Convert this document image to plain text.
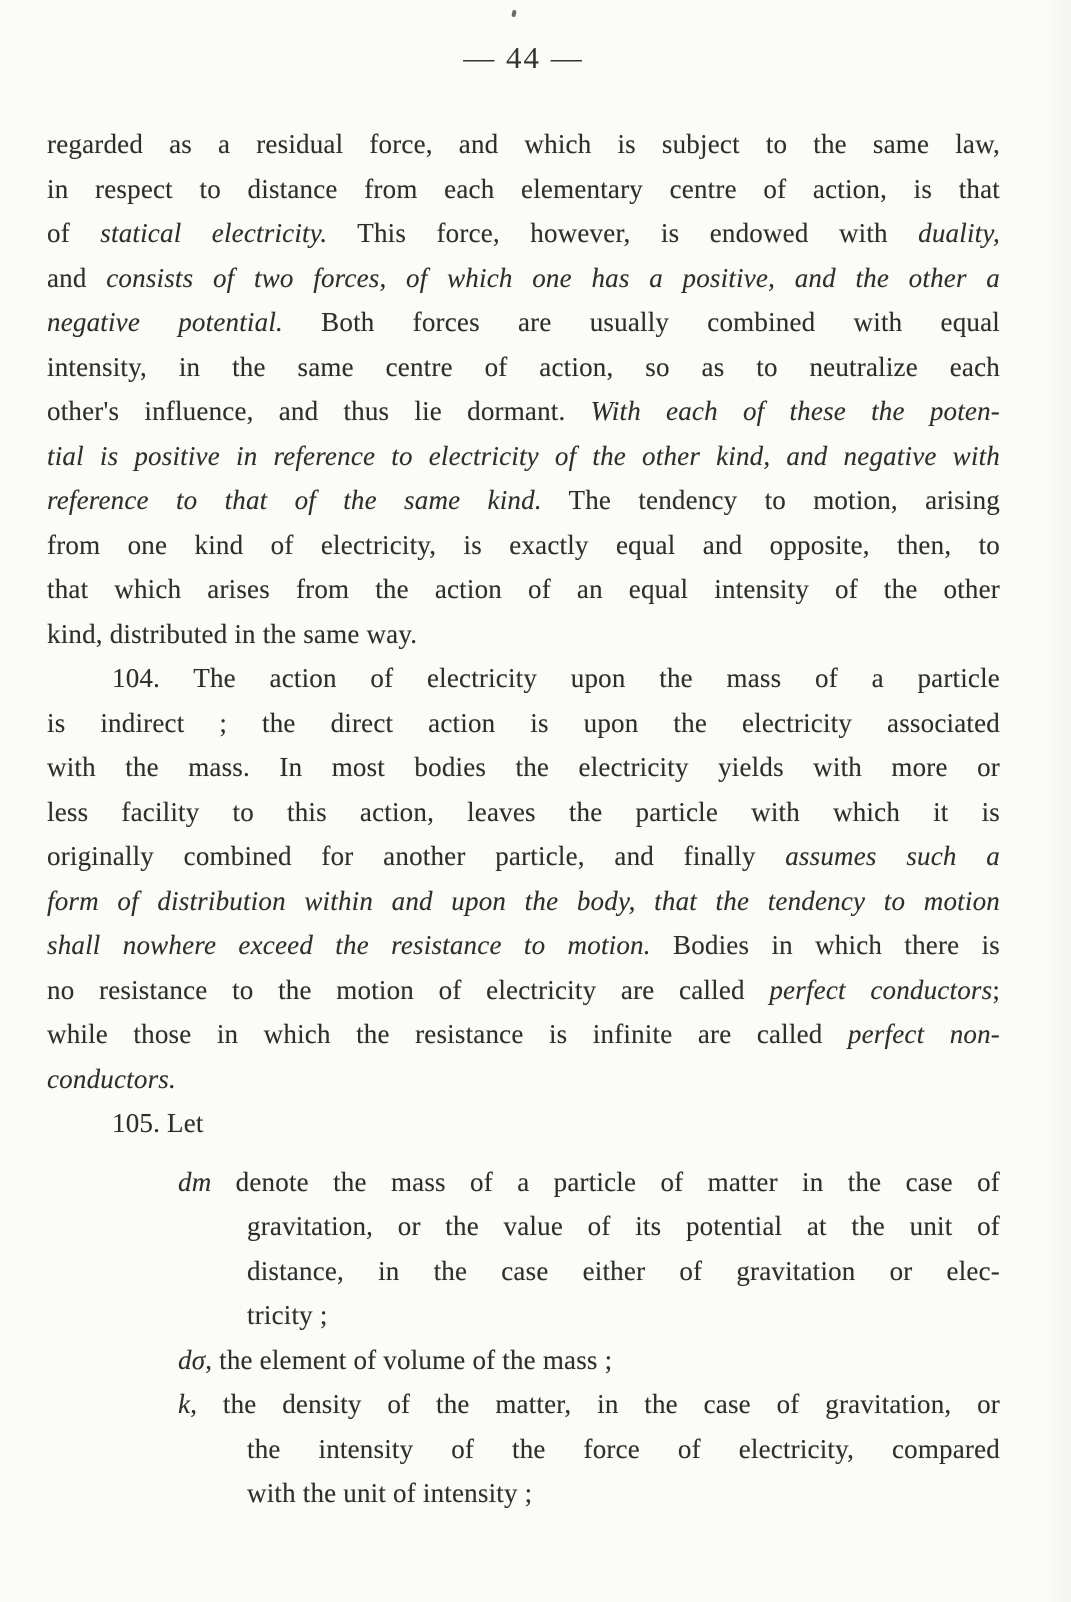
— 44 —
regarded as a residual force, and which is subject to the same law,
in respect to distance from each elementary centre of action, is that
of statical electricity. This force, however, is endowed with duality,
and consists of two forces, of which one has a positive, and the other a
negative potential. Both forces are usually combined with equal
intensity, in the same centre of action, so as to neutralize each
other's influence, and thus lie dormant. With each of these the poten-
tial is positive in reference to electricity of the other kind, and negative with
reference to that of the same kind. The tendency to motion, arising
from one kind of electricity, is exactly equal and opposite, then, to
that which arises from the action of an equal intensity of the other
kind, distributed in the same way.
104. The action of electricity upon the mass of a particle
is indirect ; the direct action is upon the electricity associated
with the mass. In most bodies the electricity yields with more or
less facility to this action, leaves the particle with which it is
originally combined for another particle, and finally assumes such a
form of distribution within and upon the body, that the tendency to motion
shall nowhere exceed the resistance to motion. Bodies in which there is
no resistance to the motion of electricity are called perfect conductors;
while those in which the resistance is infinite are called perfect non-
conductors.
105. Let
dm denote the mass of a particle of matter in the case of
gravitation, or the value of its potential at the unit of
distance, in the case either of gravitation or elec-
tricity ;
dσ, the element of volume of the mass ;
k, the density of the matter, in the case of gravitation, or
the intensity of the force of electricity, compared
with the unit of intensity ;
